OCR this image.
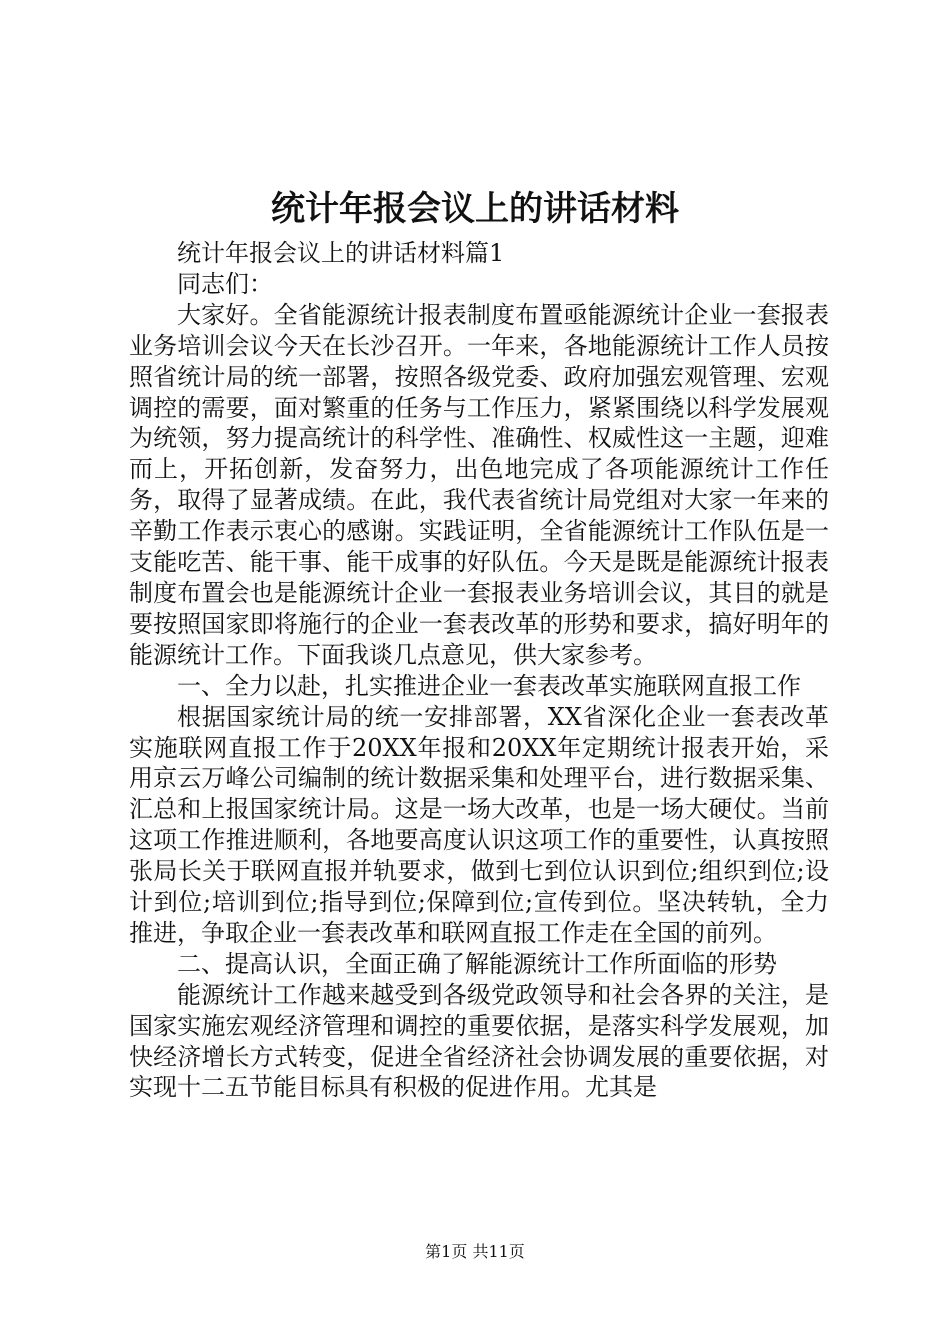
统计年报会议上的讲话材料

统计年报会议上的讲话材料篇1

同志们：

大家好。全省能源统计报表制度布置亟能源统计企业一套报表业务培训会议今天在长沙召开。一年来，各地能源统计工作人员按照省统计局的统一部署，按照各级党委、政府加强宏观管理、宏观调控的需要，面对繁重的任务与工作压力，紧紧围绕以科学发展观为统领，努力提高统计的科学性、准确性、权威性这一主题，迎难而上，开拓创新，发奋努力，出色地完成了各项能源统计工作任务，取得了显著成绩。在此，我代表省统计局党组对大家一年来的辛勤工作表示衷心的感谢。实践证明，全省能源统计工作队伍是一支能吃苦、能干事、能干成事的好队伍。今天是既是能源统计报表制度布置会也是能源统计企业一套报表业务培训会议，其目的就是要按照国家即将施行的企业一套表改革的形势和要求，搞好明年的能源统计工作。下面我谈几点意见，供大家参考。

一、全力以赴，扎实推进企业一套表改革实施联网直报工作

根据国家统计局的统一安排部署，XX省深化企业一套表改革实施联网直报工作于20XX年报和20XX年定期统计报表开始，采用京云万峰公司编制的统计数据采集和处理平台，进行数据采集、汇总和上报国家统计局。这是一场大改革，也是一场大硬仗。当前这项工作推进顺利，各地要高度认识这项工作的重要性，认真按照张局长关于联网直报并轨要求，做到七到位认识到位;组织到位;设计到位;培训到位;指导到位;保障到位;宣传到位。坚决转轨，全力推进，争取企业一套表改革和联网直报工作走在全国的前列。

二、提高认识，全面正确了解能源统计工作所面临的形势

能源统计工作越来越受到各级党政领导和社会各界的关注，是国家实施宏观经济管理和调控的重要依据，是落实科学发展观，加快经济增长方式转变，促进全省经济社会协调发展的重要依据，对实现十二五节能目标具有积极的促进作用。尤其是

第1页 共11页
